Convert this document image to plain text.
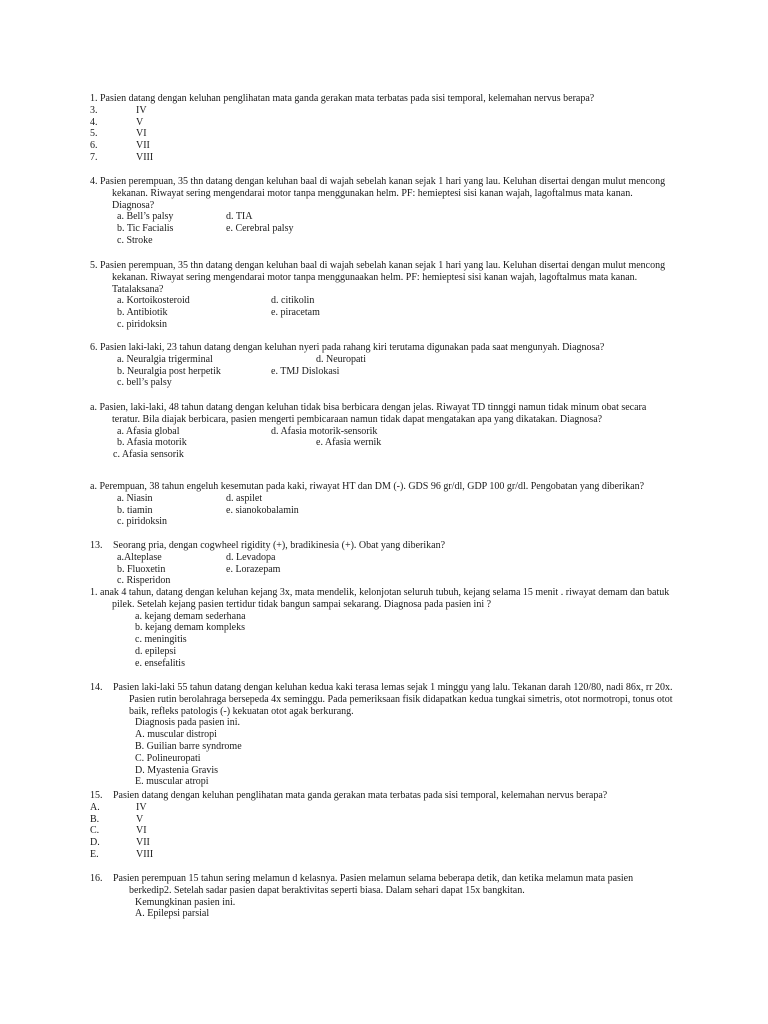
1. Pasien datang dengan keluhan penglihatan mata ganda gerakan mata terbatas pada sisi temporal, kelemahan nervus berapa?
3.	IV
4.	V
5.	VI
6.	VII
7.	VIII
4. Pasien perempuan, 35 thn datang dengan keluhan baal di wajah sebelah kanan sejak 1 hari yang lau. Keluhan disertai dengan mulut mencong
kekanan. Riwayat sering mengendarai motor tanpa menggunakan helm. PF: hemieptesi sisi kanan wajah, lagoftalmus mata kanan.
Diagnosa?
a. Bell’s palsy	d. TIA
b. Tic Facialis	e. Cerebral palsy
c. Stroke
5. Pasien perempuan, 35 thn datang dengan keluhan baal di wajah sebelah kanan sejak 1 hari yang lau. Keluhan disertai dengan mulut mencong
kekanan. Riwayat sering mengendarai motor tanpa menggunaakan helm. PF: hemieptesi sisi kanan wajah, lagoftalmus mata kanan.
Tatalaksana?
a. Kortoikosteroid	d. citikolin
b. Antibiotik	e. piracetam
c. piridoksin
6. Pasien laki-laki, 23 tahun datang dengan keluhan nyeri pada rahang kiri terutama digunakan pada saat mengunyah. Diagnosa?
a. Neuralgia trigerminal	d. Neuropati
b. Neuralgia post herpetik	e. TMJ Dislokasi
c. bell’s palsy
a. Pasien, laki-laki, 48 tahun datang dengan keluhan tidak bisa berbicara dengan jelas. Riwayat TD tinnggi namun tidak minum obat secara
teratur. Bila diajak berbicara, pasien mengerti pembicaraan namun tidak dapat mengatakan apa yang dikatakan. Diagnosa?
a. Afasia global	d. Afasia motorik-sensorik
b. Afasia motorik	e. Afasia wernik
c. Afasia sensorik
a. Perempuan, 38 tahun engeluh kesemutan pada kaki, riwayat HT dan DM (-). GDS 96 gr/dl, GDP 100 gr/dl. Pengobatan yang diberikan?
a. Niasin	d. aspilet
b. tiamin	e. sianokobalamin
c. piridoksin
13. Seorang pria, dengan cogwheel rigidity (+), bradikinesia (+). Obat yang diberikan?
a.Alteplase	d. Levadopa
b. Fluoxetin	e. Lorazepam
c. Risperidon
1. anak 4 tahun, datang dengan keluhan kejang 3x, mata mendelik, kelonjotan seluruh tubuh, kejang selama 15 menit . riwayat demam dan batuk
pilek. Setelah kejang pasien tertidur tidak bangun sampai sekarang. Diagnosa pada pasien ini ?
a. kejang demam sederhana
b. kejang demam kompleks
c. meningitis
d. epilepsi
e. ensefalitis
14. Pasien laki-laki 55 tahun datang dengan keluhan kedua kaki terasa lemas sejak 1 minggu yang lalu. Tekanan darah 120/80, nadi 86x, rr 20x.
Pasien rutin berolahraga bersepeda 4x seminggu. Pada pemeriksaan fisik didapatkan kedua tungkai simetris, otot normotropi, tonus otot
baik, refleks patologis (-) kekuatan otot agak berkurang.
Diagnosis pada pasien ini.
A. muscular distropi
B. Guilian barre syndrome
C. Polineuropati
D. Myastenia Gravis
E. muscular atropi
15. Pasien datang dengan keluhan penglihatan mata ganda gerakan mata terbatas pada sisi temporal, kelemahan nervus berapa?
A.	IV
B.	V
C.	VI
D.	VII
E.	VIII
16. Pasien perempuan 15 tahun sering melamun d kelasnya. Pasien melamun selama beberapa detik, dan ketika melamun mata pasien
berkedip2. Setelah sadar pasien dapat beraktivitas seperti biasa. Dalam sehari dapat 15x bangkitan.
Kemungkinan pasien ini.
A. Epilepsi parsial
